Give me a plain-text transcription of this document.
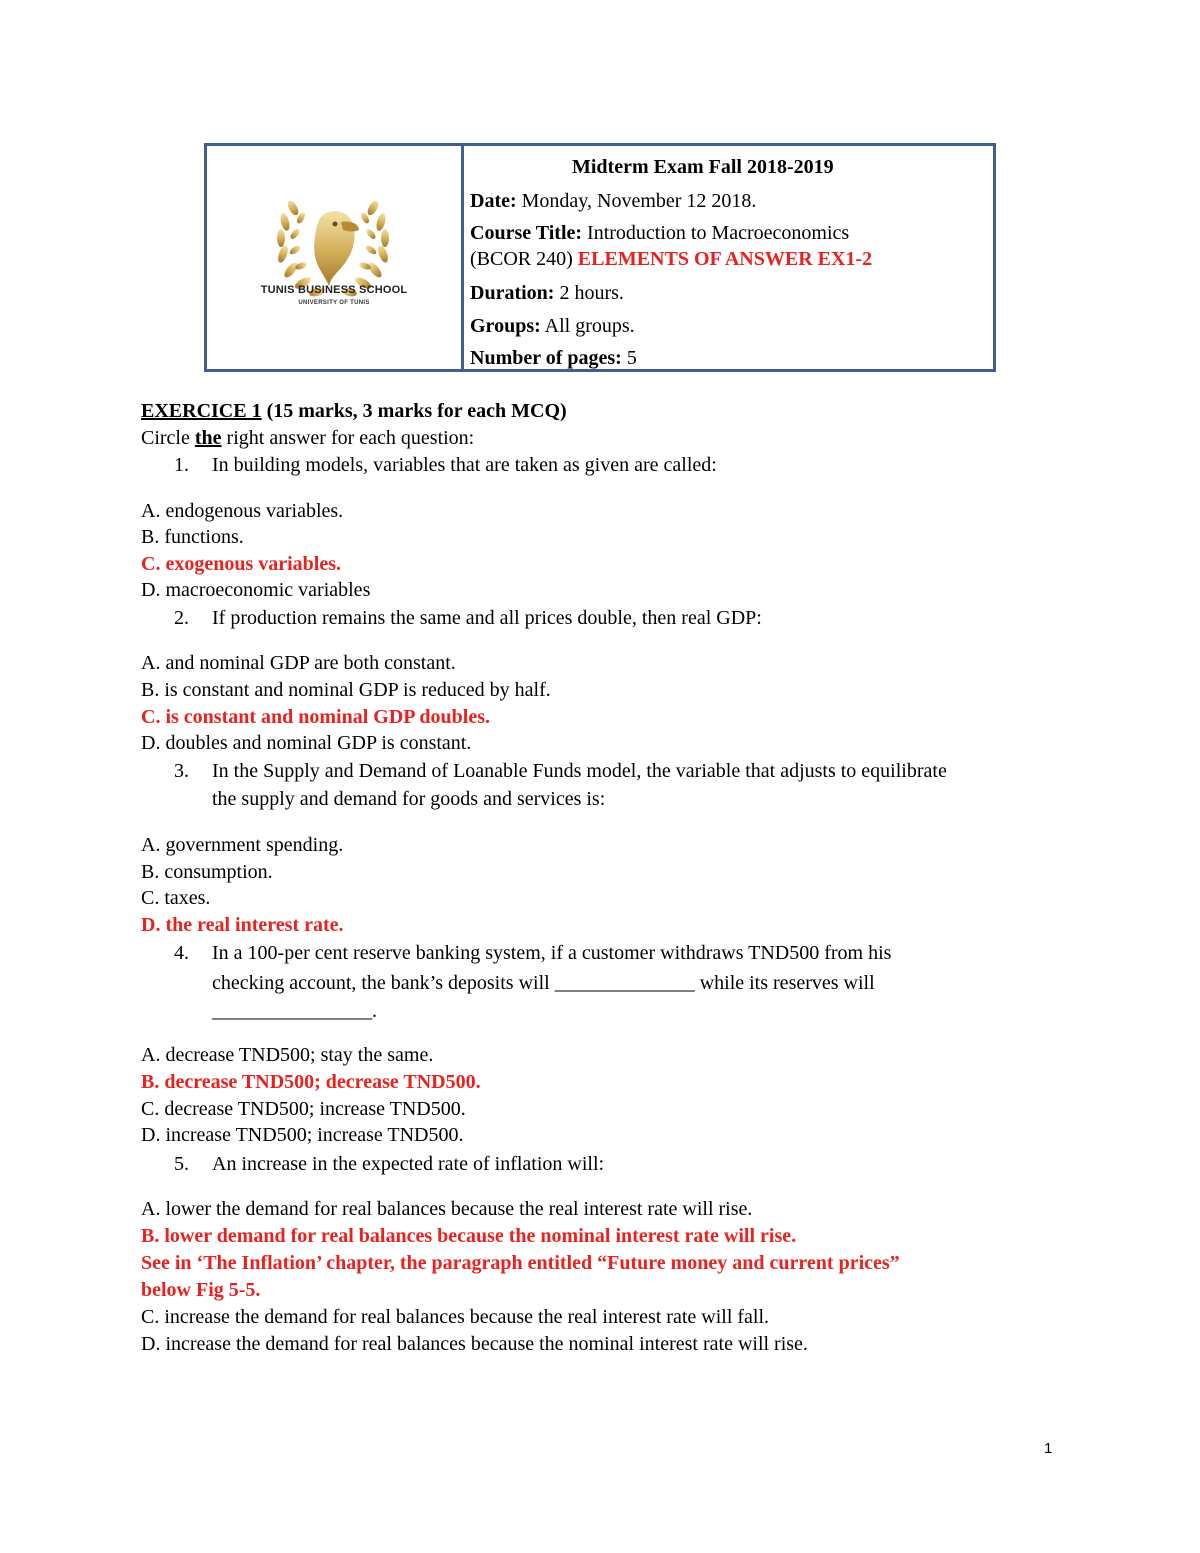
TUNIS BUSINESS SCHOOL
UNIVERSITY OF TUNIS
Midterm Exam Fall 2018-2019
Date: Monday, November 12 2018.
Course Title: Introduction to Macroeconomics
(BCOR 240) ELEMENTS OF ANSWER EX1-2
Duration: 2 hours.
Groups: All groups.
Number of pages: 5
EXERCICE 1 (15 marks, 3 marks for each MCQ)
Circle the right answer for each question:
1. In building models, variables that are taken as given are called:
A. endogenous variables.
B. functions.
C. exogenous variables.
D. macroeconomic variables
2. If production remains the same and all prices double, then real GDP:
A. and nominal GDP are both constant.
B. is constant and nominal GDP is reduced by half.
C. is constant and nominal GDP doubles.
D. doubles and nominal GDP is constant.
3. In the Supply and Demand of Loanable Funds model, the variable that adjusts to equilibrate
the supply and demand for goods and services is:
A. government spending.
B. consumption.
C. taxes.
D. the real interest rate.
4. In a 100-per cent reserve banking system, if a customer withdraws TND500 from his
checking account, the bank’s deposits will ______________ while its reserves will
________________.
A. decrease TND500; stay the same.
B. decrease TND500; decrease TND500.
C. decrease TND500; increase TND500.
D. increase TND500; increase TND500.
5. An increase in the expected rate of inflation will:
A. lower the demand for real balances because the real interest rate will rise.
B. lower demand for real balances because the nominal interest rate will rise.
See in ‘The Inflation’ chapter, the paragraph entitled “Future money and current prices”
below Fig 5-5.
C. increase the demand for real balances because the real interest rate will fall.
D. increase the demand for real balances because the nominal interest rate will rise.
1
